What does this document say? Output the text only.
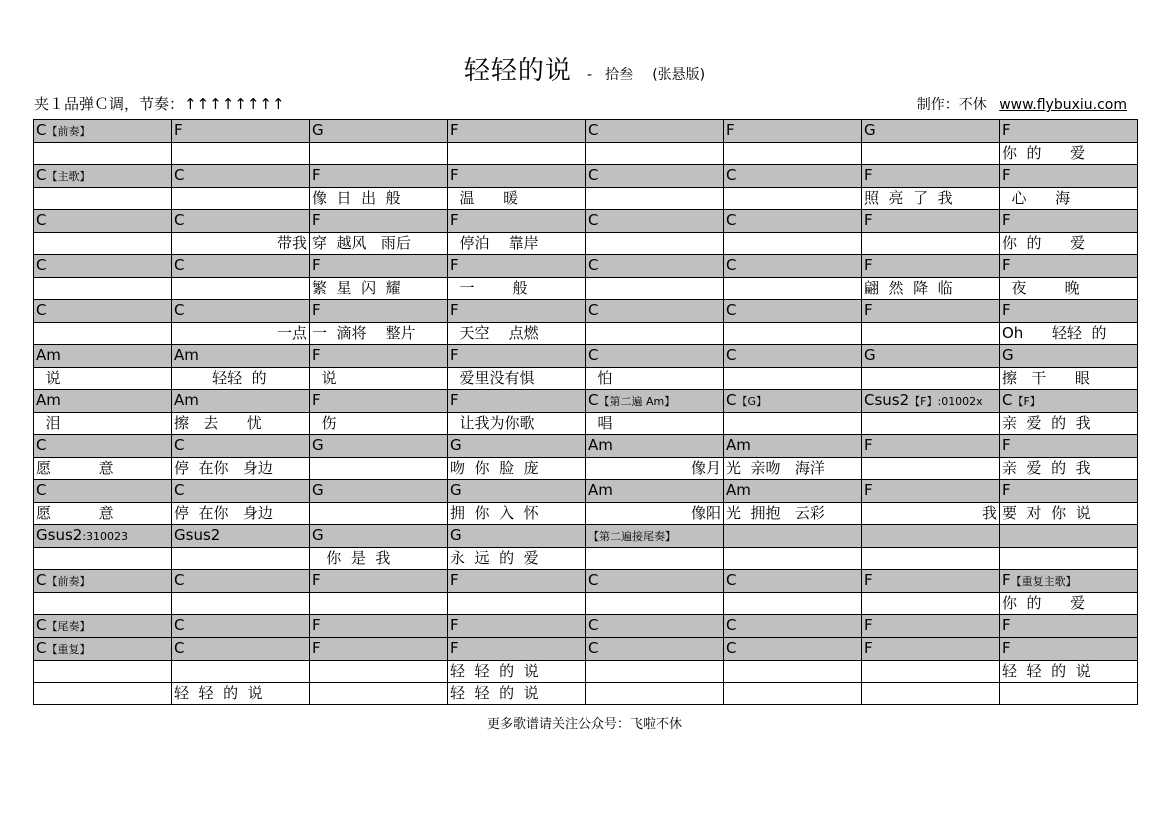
轻轻的说 - 拾叁 (张悬版)
夹１品弹Ｃ调，节奏：↑↑↑↑↑↑↑↑	制作：不休 www.flybuxiu.com
C【前奏】	F	G	F	C	F	G	F
							你  的      爱
C【主歌】	C	F	F	C	C	F	F
		像  日  出  般	温      暖			照  亮  了  我	心      海
C	C	F	F	C	C	F	F
	带我	穿  越风   雨后	停泊    靠岸				你  的      爱
C	C	F	F	C	C	F	F
		繁  星  闪  耀	一        般			翩  然  降  临	夜        晚
C	C	F	F	C	C	F	F
	一点	一  滴将    整片	天空    点燃				Oh      轻轻  的
Am	Am	F	F	C	C	G	G
说	轻轻  的	说	爱里没有惧	怕			擦   干      眼
Am	Am	F	F	C【第二遍 Am】	C【G】	Csus2【F】:01002x	C【F】
泪	擦   去      忧	伤	让我为你歌	唱			亲  爱  的  我
C	C	G	G	Am	Am	F	F
愿          意	停  在你   身边		吻  你  脸  庞	像月	光  亲吻   海洋		亲  爱  的  我
C	C	G	G	Am	Am	F	F
愿          意	停  在你   身边		拥  你  入  怀	像阳	光  拥抱   云彩	我	要  对  你  说
Gsus2:310023	Gsus2	G	G	【第二遍接尾奏】			
		你  是  我	永  远  的  爱				
C【前奏】	C	F	F	C	C	F	F【重复主歌】
							你  的      爱
C【尾奏】	C	F	F	C	C	F	F
C【重复】	C	F	F	C	C	F	F
			轻  轻  的  说				轻  轻  的  说
	轻  轻  的  说		轻  轻  的  说				
更多歌谱请关注公众号：飞啦不休
